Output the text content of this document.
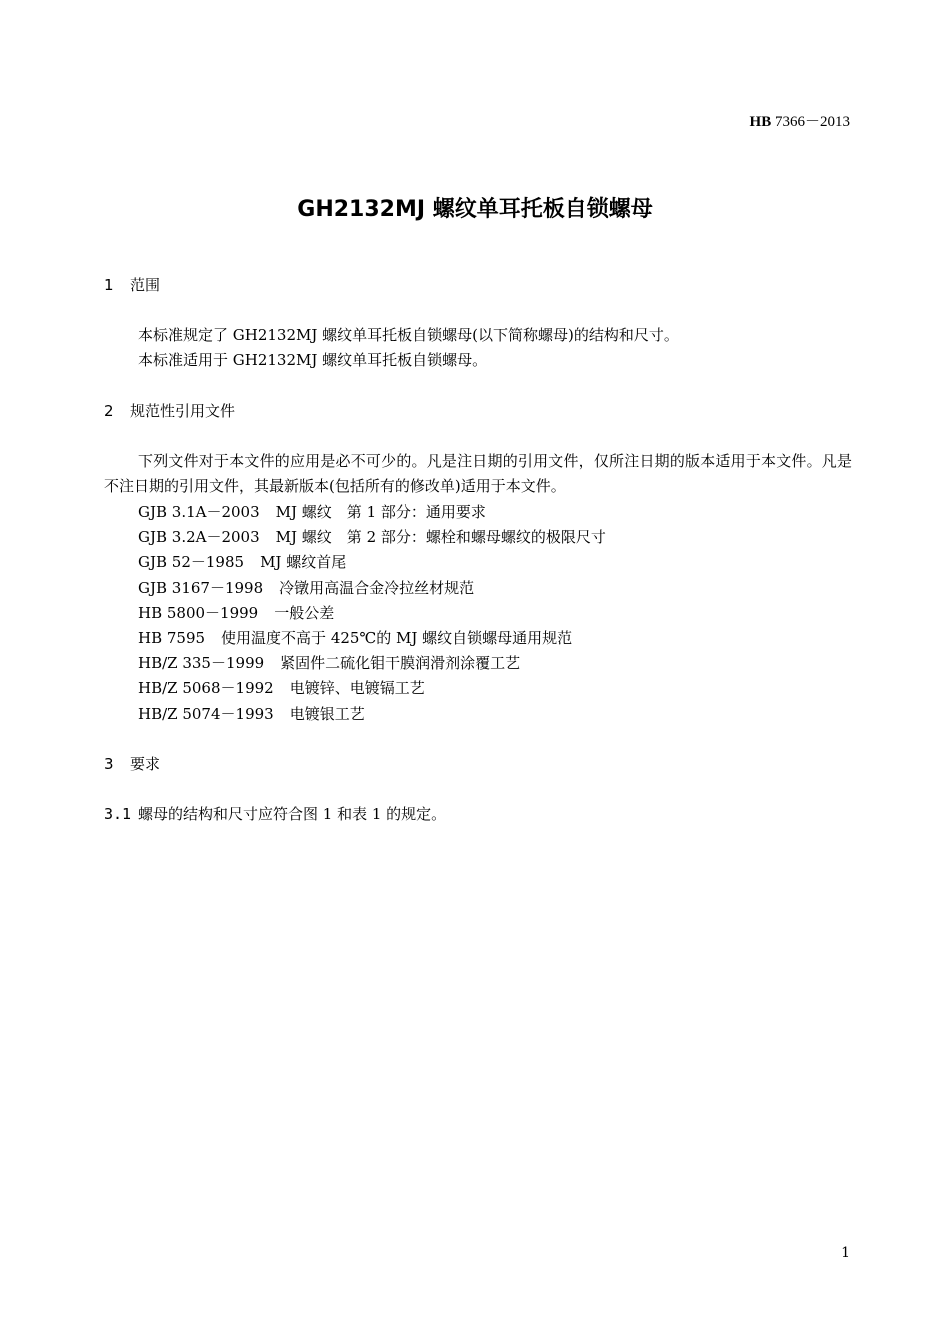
HB 7366－2013
GH2132MJ 螺纹单耳托板自锁螺母
1 范围
本标准规定了 GH2132MJ 螺纹单耳托板自锁螺母(以下简称螺母)的结构和尺寸。
本标准适用于 GH2132MJ 螺纹单耳托板自锁螺母。
2 规范性引用文件
下列文件对于本文件的应用是必不可少的。凡是注日期的引用文件，仅所注日期的版本适用于本文件。凡是不注日期的引用文件，其最新版本(包括所有的修改单)适用于本文件。
GJB 3.1A－2003 MJ 螺纹　第 1 部分：通用要求
GJB 3.2A－2003 MJ 螺纹　第 2 部分：螺栓和螺母螺纹的极限尺寸
GJB 52－1985 MJ 螺纹首尾
GJB 3167－1998 冷镦用高温合金冷拉丝材规范
HB 5800－1999 一般公差
HB 7595 使用温度不高于 425℃的 MJ 螺纹自锁螺母通用规范
HB/Z 335－1999 紧固件二硫化钼干膜润滑剂涂覆工艺
HB/Z 5068－1992 电镀锌、电镀镉工艺
HB/Z 5074－1993 电镀银工艺
3 要求
3.1 螺母的结构和尺寸应符合图 1 和表 1 的规定。
1
